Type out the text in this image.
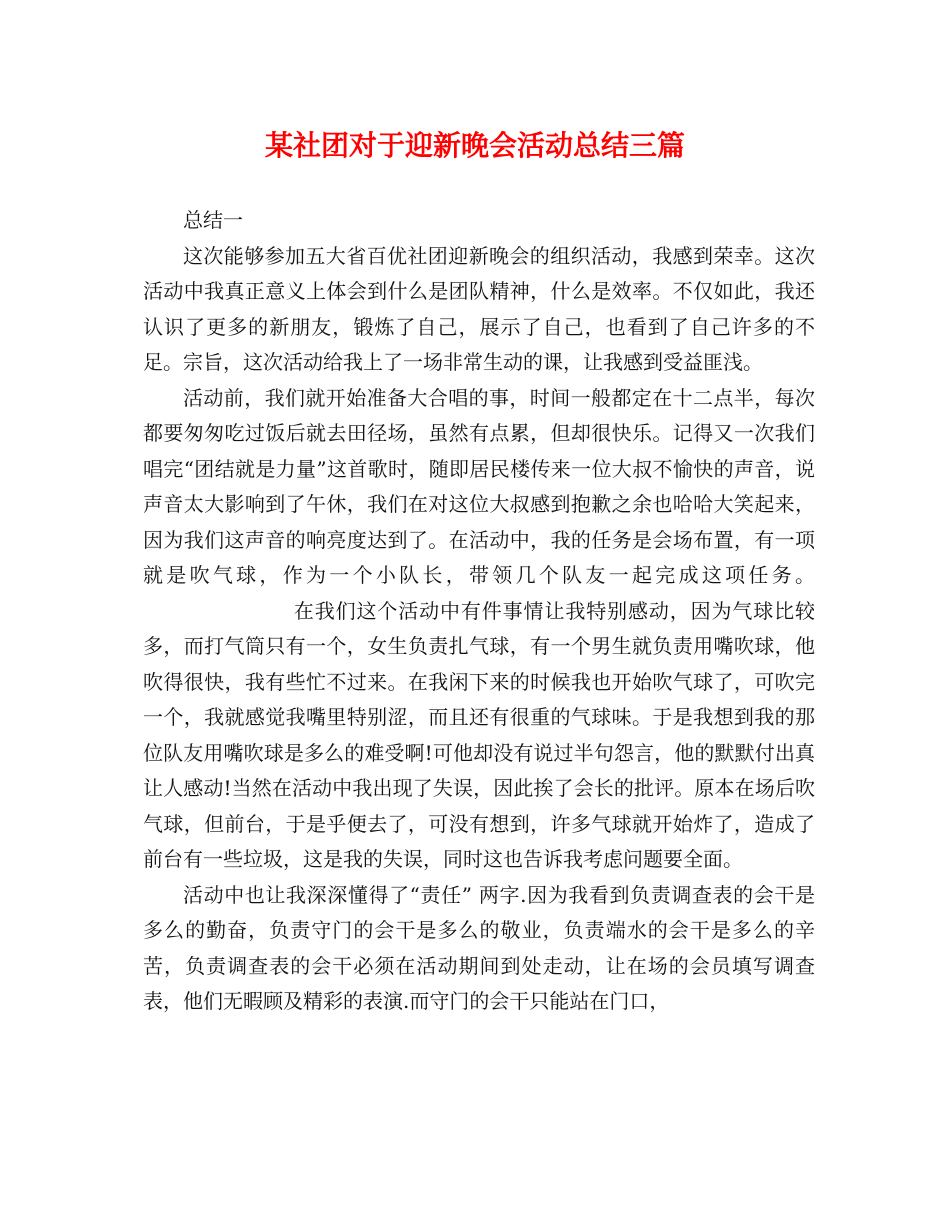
某社团对于迎新晚会活动总结三篇
总结一

这次能够参加五大省百优社团迎新晚会的组织活动，我感到荣幸。这次活动中我真正意义上体会到什么是团队精神，什么是效率。不仅如此，我还认识了更多的新朋友，锻炼了自己，展示了自己，也看到了自己许多的不足。宗旨，这次活动给我上了一场非常生动的课，让我感到受益匪浅。

活动前，我们就开始准备大合唱的事，时间一般都定在十二点半，每次都要匆匆吃过饭后就去田径场，虽然有点累，但却很快乐。记得又一次我们唱完“团结就是力量”这首歌时，随即居民楼传来一位大叔不愉快的声音，说声音太大影响到了午休，我们在对这位大叔感到抱歉之余也哈哈大笑起来，因为我们这声音的响亮度达到了。在活动中，我的任务是会场布置，有一项就是吹气球，作为一个小队长，带领几个队友一起完成这项任务。在我们这个活动中有件事情让我特别感动，因为气球比较多，而打气筒只有一个，女生负责扎气球，有一个男生就负责用嘴吹球，他吹得很快，我有些忙不过来。在我闲下来的时候我也开始吹气球了，可吹完一个，我就感觉我嘴里特别涩，而且还有很重的气球味。于是我想到我的那位队友用嘴吹球是多么的难受啊!可他却没有说过半句怨言，他的默默付出真让人感动!当然在活动中我出现了失误，因此挨了会长的批评。原本在场后吹气球，但前台，于是乎便去了，可没有想到，许多气球就开始炸了，造成了前台有一些垃圾，这是我的失误，同时这也告诉我考虑问题要全面。

活动中也让我深深懂得了“责任” 两字.因为我看到负责调查表的会干是多么的勤奋，负责守门的会干是多么的敬业，负责端水的会干是多么的辛苦，负责调查表的会干必须在活动期间到处走动，让在场的会员填写调查表，他们无暇顾及精彩的表演.而守门的会干只能站在门口，
